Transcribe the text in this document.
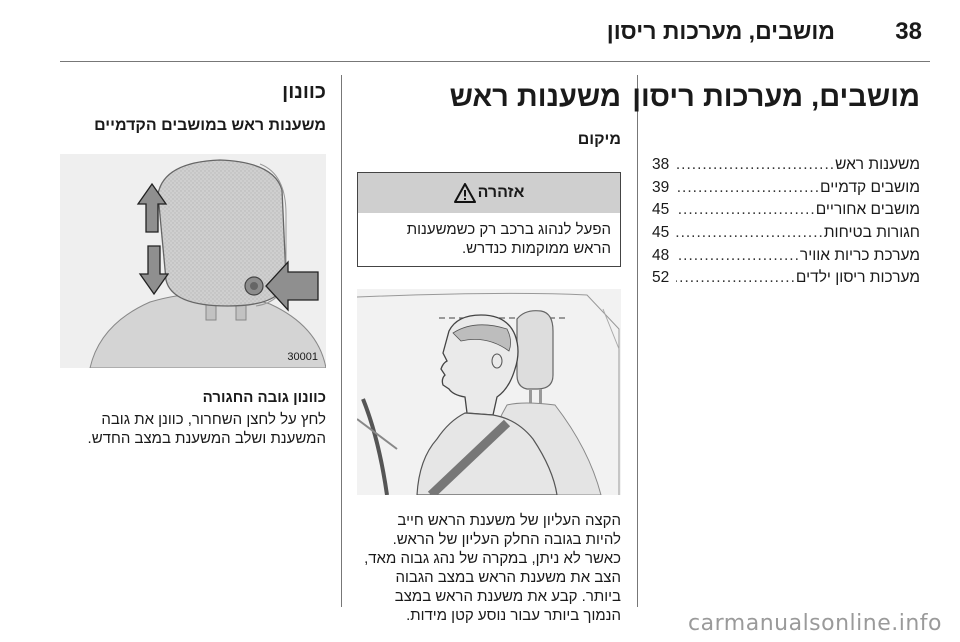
מושבים, מערכות ריסון	38
מושבים, מערכות ריסון
משענות ראש
.....
38
מושבים קדמיים
.....
39
מושבים אחוריים
.....
45
חגורות בטיחות
.....
45
מערכת כריות אוויר
.....
48
מערכות ריסון ילדים
.....
52
משענות ראש
מיקום
אזהרה
הפעל לנהוג ברכב רק כשמשענות
הראש ממוקמות כנדרש.
הקצה העליון של משענת הראש חייב
להיות בגובה החלק העליון של הראש.
כאשר לא ניתן, במקרה של נהג גבוה מאד,
הצב את משענת הראש במצב הגבוה
ביותר. קבע את משענת הראש במצב
הנמוך ביותר עבור נוסע קטן מידות.
כוונון
משענות ראש במושבים הקדמיים
30001
כוונון גובה החגורה
לחץ על לחצן השחרור, כוונן את גובה
המשענת ושלב המשענת במצב החדש.
carmanualsonline.info
